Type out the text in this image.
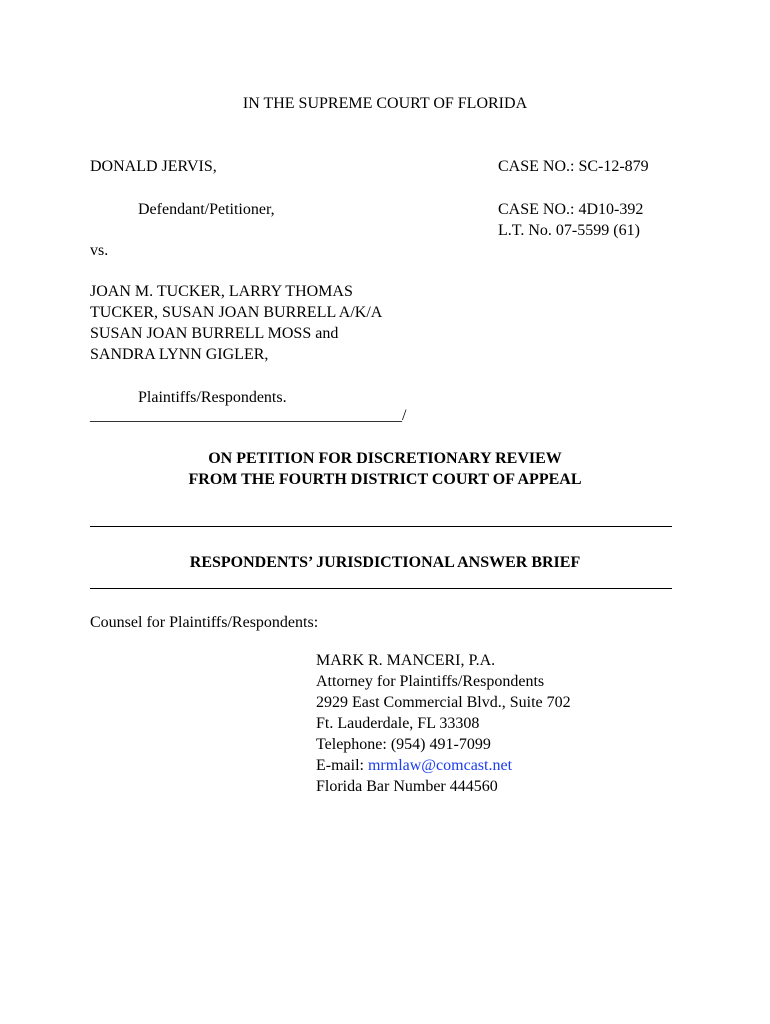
IN THE SUPREME COURT OF FLORIDA
DONALD JERVIS,	CASE NO.: SC-12-879
Defendant/Petitioner,	CASE NO.: 4D10-392
L.T. No. 07-5599 (61)
vs.
JOAN M. TUCKER, LARRY THOMAS
TUCKER, SUSAN JOAN BURRELL A/K/A
SUSAN JOAN BURRELL MOSS and
SANDRA LYNN GIGLER,
Plaintiffs/Respondents.
_______________________________________/
ON PETITION FOR DISCRETIONARY REVIEW
FROM THE FOURTH DISTRICT COURT OF APPEAL
RESPONDENTS’ JURISDICTIONAL ANSWER BRIEF
Counsel for Plaintiffs/Respondents:
MARK R. MANCERI, P.A.
Attorney for Plaintiffs/Respondents
2929 East Commercial Blvd., Suite 702
Ft. Lauderdale, FL 33308
Telephone: (954) 491-7099
E-mail: mrmlaw@comcast.net
Florida Bar Number 444560
